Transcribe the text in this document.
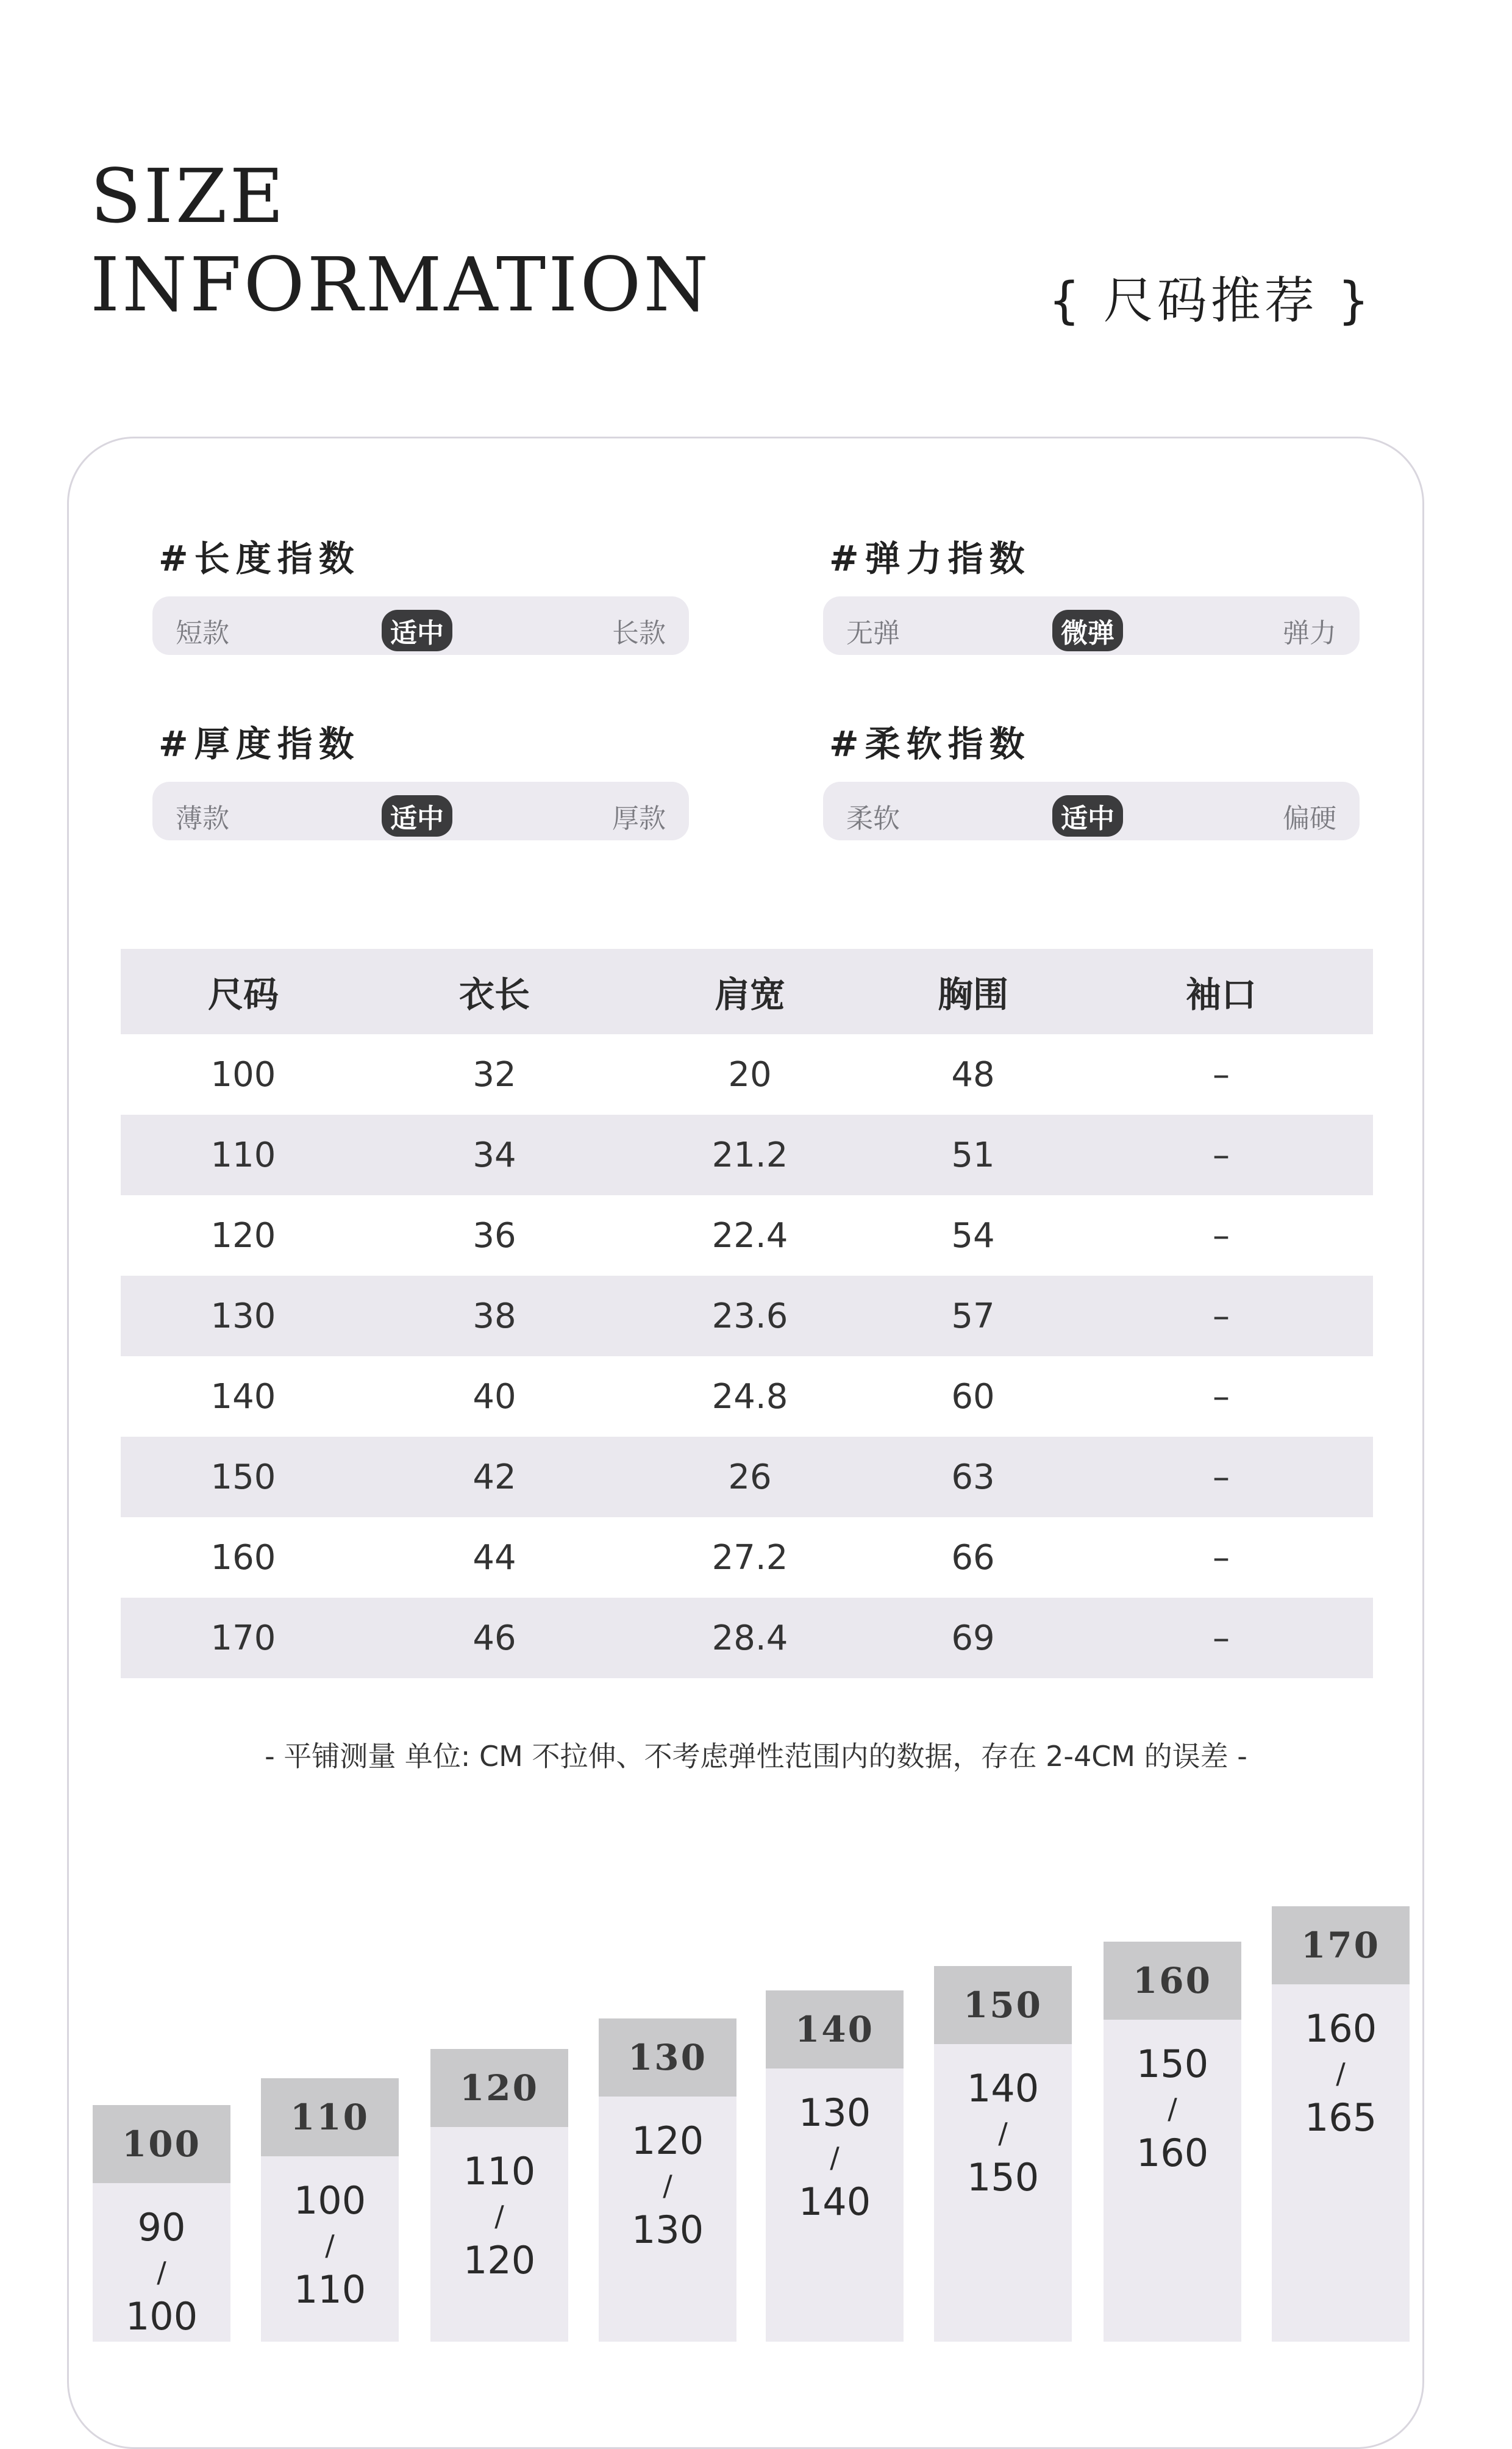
SIZE
INFORMATION	{ 尺码推荐 }
#长度指数
短款	适中	长款
#弹力指数
无弹	微弹	弹力
#厚度指数
薄款	适中	厚款
#柔软指数
柔软	适中	偏硬
尺码	衣长	肩宽	胸围	袖口
100	32	20	48	–
110	34	21.2	51	–
120	36	22.4	54	–
130	38	23.6	57	–
140	40	24.8	60	–
150	42	26	63	–
160	44	27.2	66	–
170	46	28.4	69	–
- 平铺测量 单位: CM 不拉伸、不考虑弹性范围内的数据，存在 2-4CM 的误差 -
100
90
/
100
110
100
/
110
120
110
/
120
130
120
/
130
140
130
/
140
150
140
/
150
160
150
/
160
170
160
/
165
